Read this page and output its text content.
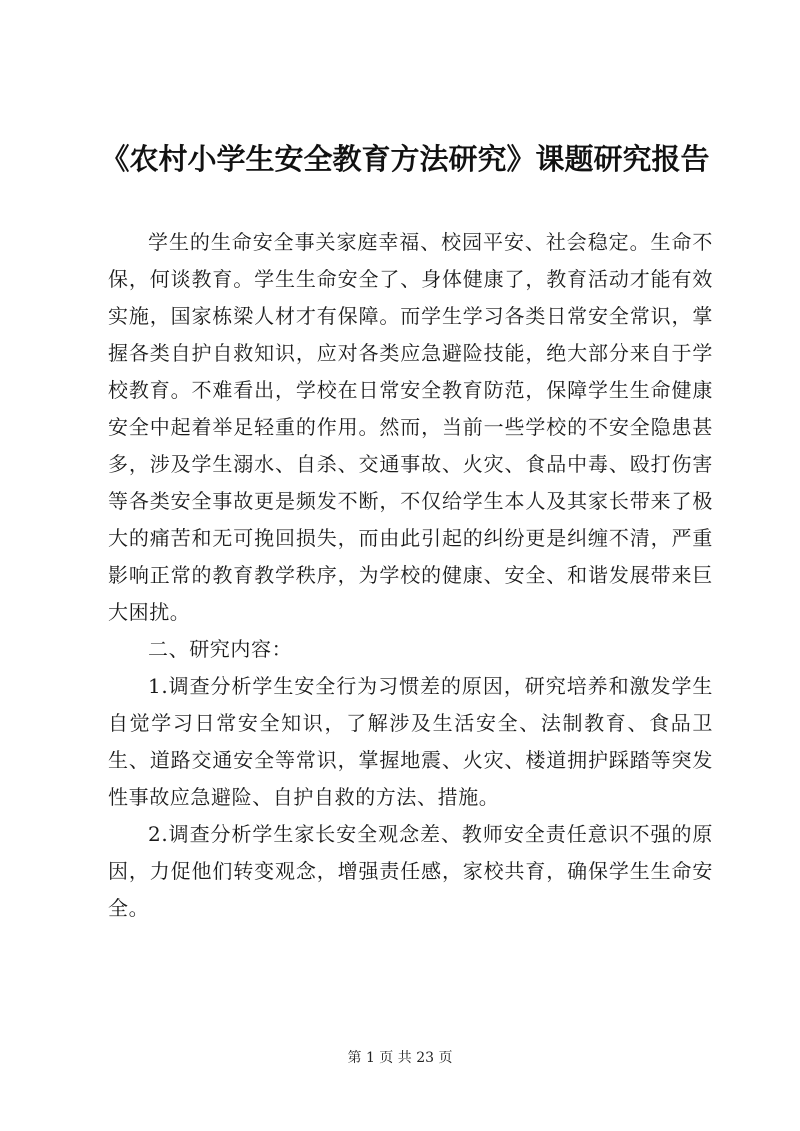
《农村小学生安全教育方法研究》课题研究报告

学生的生命安全事关家庭幸福、校园平安、社会稳定。生命不保，何谈教育。学生生命安全了、身体健康了，教育活动才能有效实施，国家栋梁人材才有保障。而学生学习各类日常安全常识，掌握各类自护自救知识，应对各类应急避险技能，绝大部分来自于学校教育。不难看出，学校在日常安全教育防范，保障学生生命健康安全中起着举足轻重的作用。然而，当前一些学校的不安全隐患甚多，涉及学生溺水、自杀、交通事故、火灾、食品中毒、殴打伤害等各类安全事故更是频发不断，不仅给学生本人及其家长带来了极大的痛苦和无可挽回损失，而由此引起的纠纷更是纠缠不清，严重影响正常的教育教学秩序，为学校的健康、安全、和谐发展带来巨大困扰。

二、研究内容：

1.调查分析学生安全行为习惯差的原因，研究培养和激发学生自觉学习日常安全知识，了解涉及生活安全、法制教育、食品卫生、道路交通安全等常识，掌握地震、火灾、楼道拥护踩踏等突发性事故应急避险、自护自救的方法、措施。

2.调查分析学生家长安全观念差、教师安全责任意识不强的原因，力促他们转变观念，增强责任感，家校共育，确保学生生命安全。

第 1 页 共 23 页
